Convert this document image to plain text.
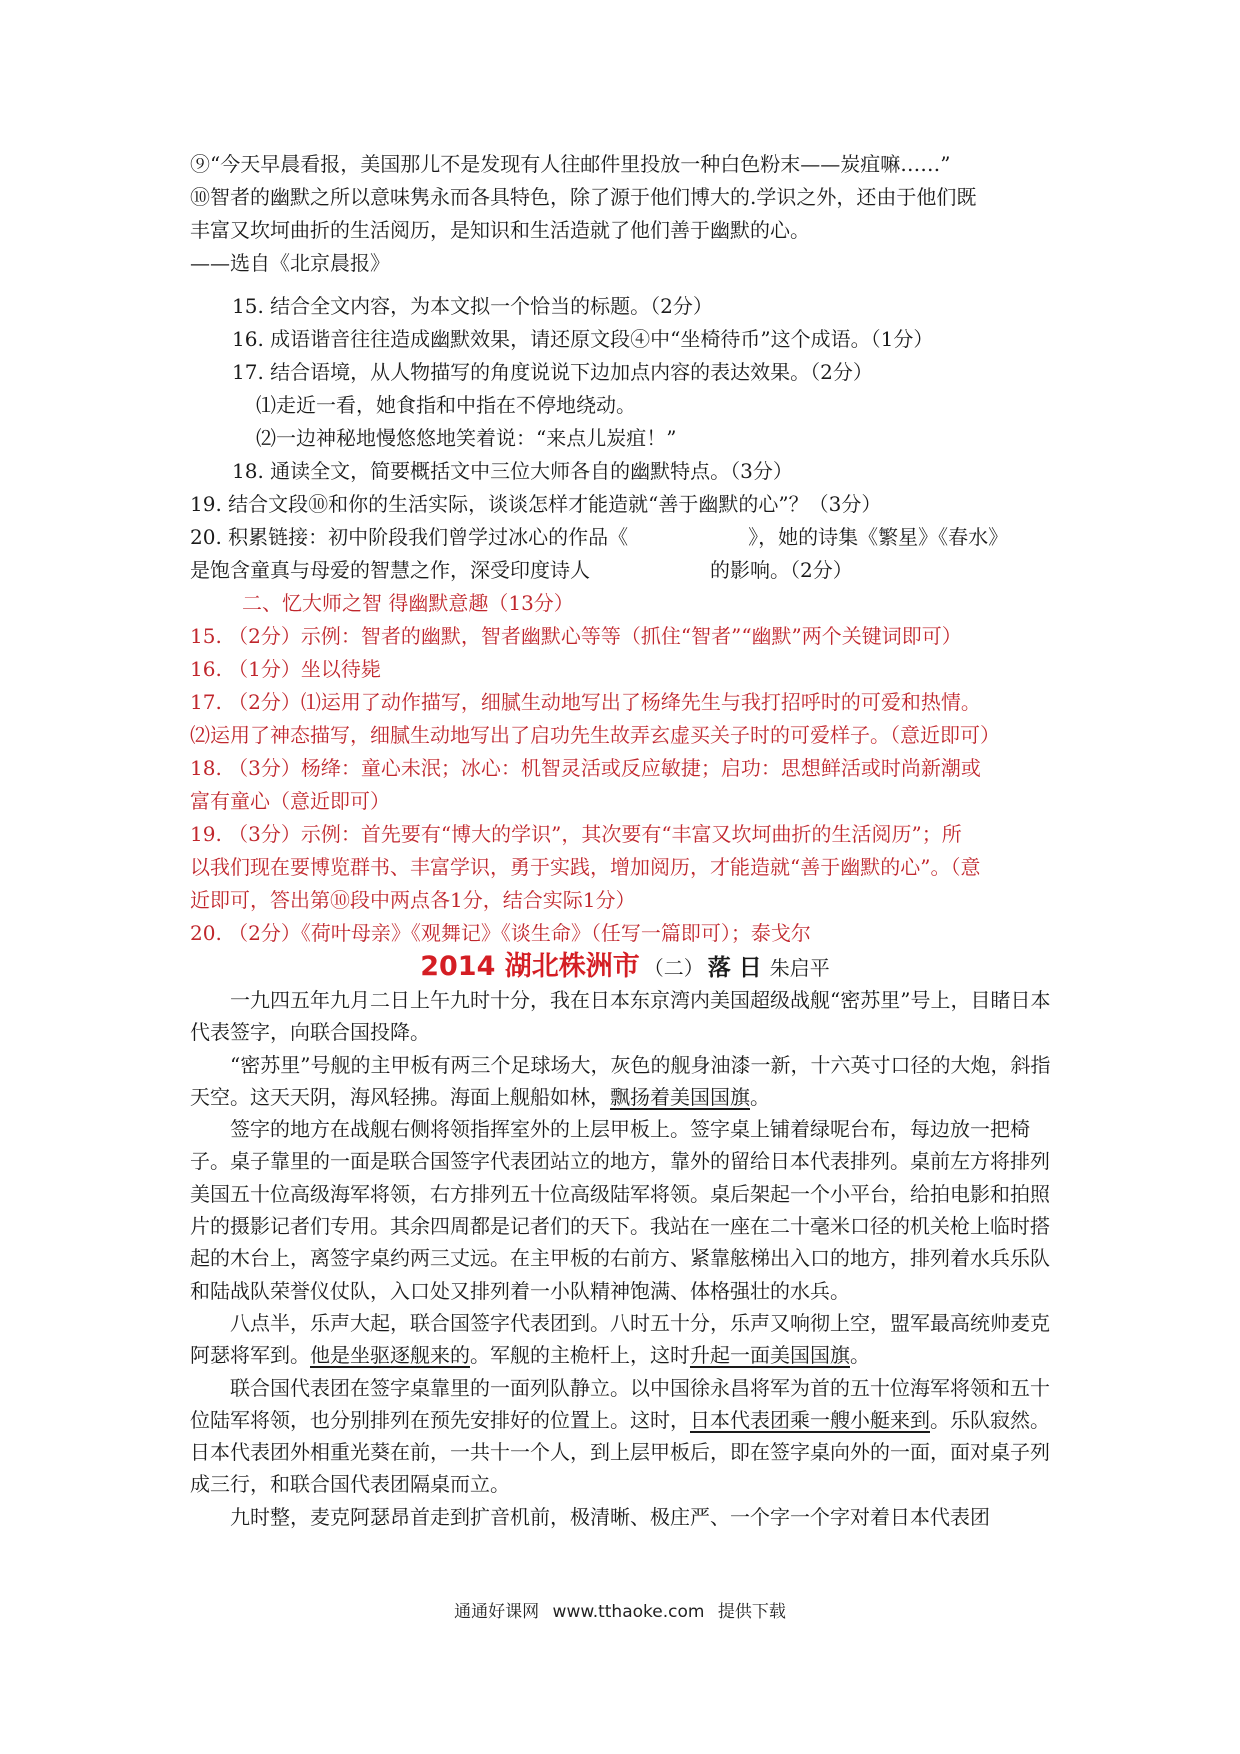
⑨“今天早晨看报，美国那儿不是发现有人往邮件里投放一种白色粉末——炭疽嘛……”
⑩智者的幽默之所以意味隽永而各具特色，除了源于他们博大的.学识之外，还由于他们既
丰富又坎坷曲折的生活阅历，是知识和生活造就了他们善于幽默的心。
——选自《北京晨报》
15. 结合全文内容，为本文拟一个恰当的标题。（2分）
16. 成语谐音往往造成幽默效果，请还原文段④中“坐椅待币”这个成语。（1分）
17. 结合语境，从人物描写的角度说说下边加点内容的表达效果。（2分）
⑴走近一看，她食指和中指在不停地绕动。
⑵一边神秘地慢悠悠地笑着说：“来点儿炭疽！”
18. 通读全文，简要概括文中三位大师各自的幽默特点。（3分）
19. 结合文段⑩和你的生活实际，谈谈怎样才能造就“善于幽默的心”？（3分）
20. 积累链接：初中阶段我们曾学过冰心的作品《	》，她的诗集《繁星》《春水》
是饱含童真与母爱的智慧之作，深受印度诗人	的影响。（2分）
二、忆大师之智 得幽默意趣（13分）
15. （2分）示例：智者的幽默，智者幽默心等等（抓住“智者”“幽默”两个关键词即可）
16. （1分）坐以待毙
17. （2分）⑴运用了动作描写，细腻生动地写出了杨绛先生与我打招呼时的可爱和热情。
⑵运用了神态描写，细腻生动地写出了启功先生故弄玄虚买关子时的可爱样子。（意近即可）
18. （3分）杨绛：童心未泯；冰心：机智灵活或反应敏捷；启功：思想鲜活或时尚新潮或
富有童心（意近即可）
19. （3分）示例：首先要有“博大的学识”，其次要有“丰富又坎坷曲折的生活阅历”；所
以我们现在要博览群书、丰富学识，勇于实践，增加阅历，才能造就“善于幽默的心”。（意
近即可，答出第⑩段中两点各1分，结合实际1分）
20. （2分）《荷叶母亲》《观舞记》《谈生命》（任写一篇即可）；泰戈尔
2014 湖北株洲市 （二） 落 日 朱启平

一九四五年九月二日上午九时十分，我在日本东京湾内美国超级战舰“密苏里”号上，目睹日本代表签字，向联合国投降。

“密苏里”号舰的主甲板有两三个足球场大，灰色的舰身油漆一新，十六英寸口径的大炮，斜指天空。这天天阴，海风轻拂。海面上舰船如林，飘扬着美国国旗。

签字的地方在战舰右侧将领指挥室外的上层甲板上。签字桌上铺着绿呢台布，每边放一把椅子。桌子靠里的一面是联合国签字代表团站立的地方，靠外的留给日本代表排列。桌前左方将排列美国五十位高级海军将领，右方排列五十位高级陆军将领。桌后架起一个小平台，给拍电影和拍照片的摄影记者们专用。其余四周都是记者们的天下。我站在一座在二十毫米口径的机关枪上临时搭起的木台上，离签字桌约两三丈远。在主甲板的右前方、紧靠舷梯出入口的地方，排列着水兵乐队和陆战队荣誉仪仗队，入口处又排列着一小队精神饱满、体格强壮的水兵。

八点半，乐声大起，联合国签字代表团到。八时五十分，乐声又响彻上空，盟军最高统帅麦克阿瑟将军到。他是坐驱逐舰来的。军舰的主桅杆上，这时升起一面美国国旗。

联合国代表团在签字桌靠里的一面列队静立。以中国徐永昌将军为首的五十位海军将领和五十位陆军将领，也分别排列在预先安排好的位置上。这时，日本代表团乘一艘小艇来到。乐队寂然。日本代表团外相重光葵在前，一共十一个人，到上层甲板后，即在签字桌向外的一面，面对桌子列成三行，和联合国代表团隔桌而立。

九时整，麦克阿瑟昂首走到扩音机前，极清晰、极庄严、一个字一个字对着日本代表团

通通好课网 www.tthaoke.com 提供下载
